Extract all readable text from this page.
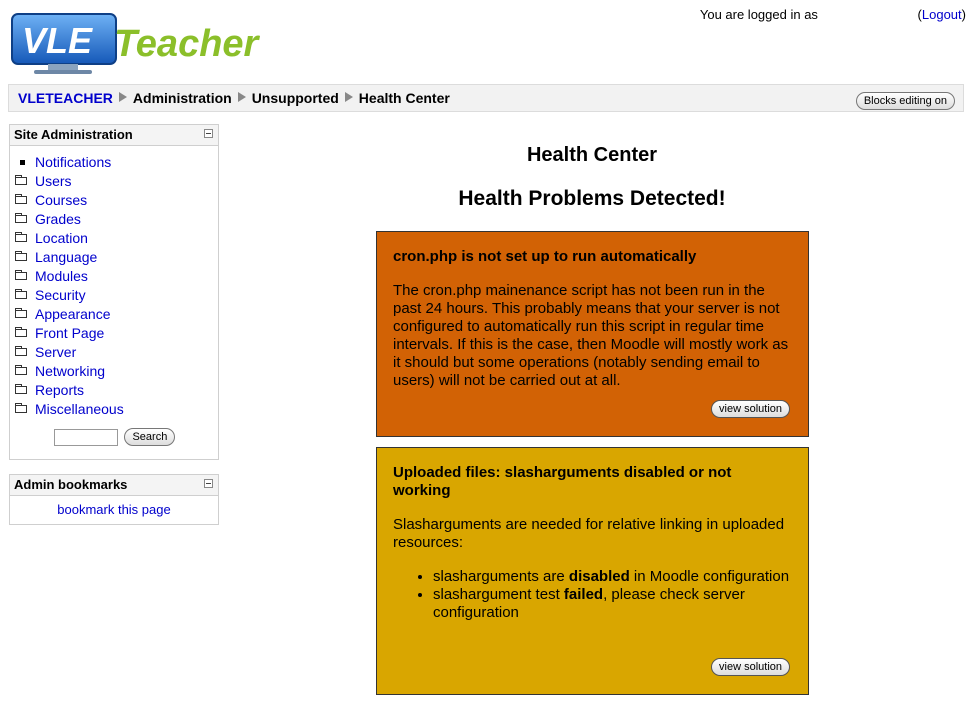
VLE Teacher
You are logged in as	(Logout)
VLETEACHER Administration Unsupported Health Center	Blocks editing on
Site Administration
Notifications
Users
Courses
Grades
Location
Language
Modules
Security
Appearance
Front Page
Server
Networking
Reports
Miscellaneous
Search
Admin bookmarks
bookmark this page
Health Center
Health Problems Detected!

cron.php is not set up to run automatically

The cron.php mainenance script has not been run in the past 24 hours. This probably means that your server is not configured to automatically run this script in regular time intervals. If this is the case, then Moodle will mostly work as it should but some operations (notably sending email to users) will not be carried out at all.

view solution

Uploaded files: slasharguments disabled or not working

Slasharguments are needed for relative linking in uploaded resources:

• slasharguments are disabled in Moodle configuration
• slashargument test failed, please check server configuration
view solution
